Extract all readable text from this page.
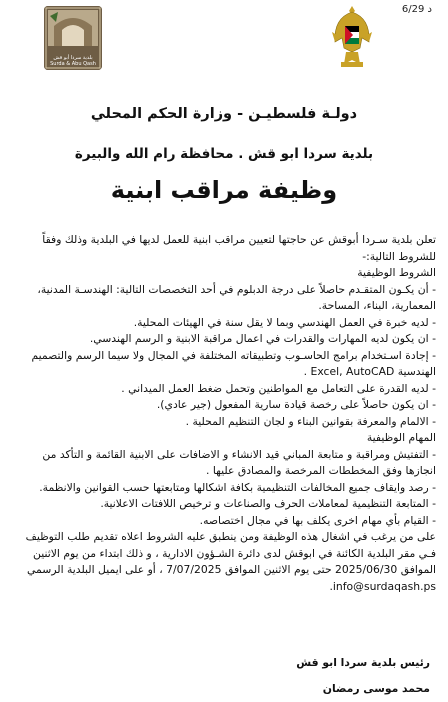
6/29 د
بلدية سردا أبو قش
Surda & Abu Qash
دولـة فلسطيـن - وزارة الحكم المحلي
بلدية سردا ابو قش . محافظة رام الله والبيرة
وظيفة مراقب ابنية

تعلن بلدية سـردا أبوقش عن حاجتها لتعيين مراقب ابنية للعمل لديها في البلدية وذلك وفقاً للشروط التالية:-

الشروط الوظيفية

- أن يكـون المتقـدم حاصلاً على درجة الدبلوم في أحد التخصصات التالية: الهندسـة المدنية، المعمارية، البناء، المساحة.

- لديه خبرة في العمل الهندسي وبما لا يقل سنة في الهيئات المحلية.

- ان يكون لديه المهارات والقدرات في اعمال مراقبة الابنية و الرسم الهندسي.

- إجادة اسـتخدام برامج الحاسـوب وتطبيقاته المختلفة في المجال ولا سيما الرسم والتصميم الهندسية Excel, AutoCAD .

- لديه القدرة على التعامل مع المواطنين وتحمل ضغط العمل الميداني .

- ان يكون حاصلاً على رخصة قيادة سارية المفعول (جير عادي).

- الالمام والمعرفة بقوانين البناء و لجان التنظيم المحلية .

المهام الوظيفية

- التفتيش ومراقبة و متابعة المباني قيد الانشاء و الاضافات على الابنية القائمة و التأكد من انجازها وفق المخططات المرخصة والمصادق عليها .

- رصد وايقاف جميع المخالفات التنظيمية بكافة اشكالها ومتابعتها حسب القوانين والانظمة.

- المتابعة التنظيمية لمعاملات الحرف والصناعات و ترخيص اللافتات الاعلانية.

- القيام بأي مهام اخرى يكلف بها في مجال اختصاصه.

على من يرغب في اشغال هذه الوظيفة ومن ينطبق عليه الشروط اعلاه تقديم طلب التوظيف فـي مقر البلدية الكائنة في ابوقش لدى دائرة الشـؤون الادارية ، و ذلك ابتداء من يوم الاثنين الموافق 2025/06/30 حتى يوم الاثنين الموافق 7/07/2025 ، أو على ايميل البلدية الرسمي info@surdaqash.ps.

رئيس بلدية سردا ابو قش
محمد موسى رمضان
